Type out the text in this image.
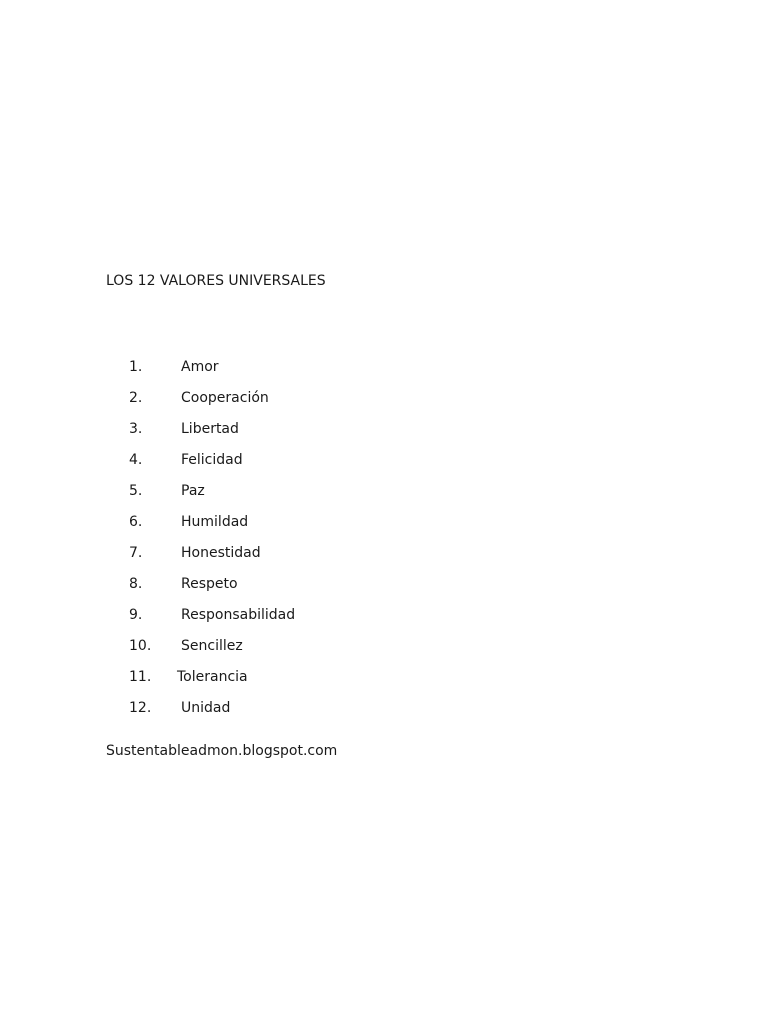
LOS 12 VALORES UNIVERSALES
1.	Amor
2.	Cooperación
3.	Libertad
4.	Felicidad
5.	Paz
6.	Humildad
7.	Honestidad
8.	Respeto
9.	Responsabilidad
10. Sencillez
11. Tolerancia
12. Unidad
Sustentableadmon.blogspot.com
